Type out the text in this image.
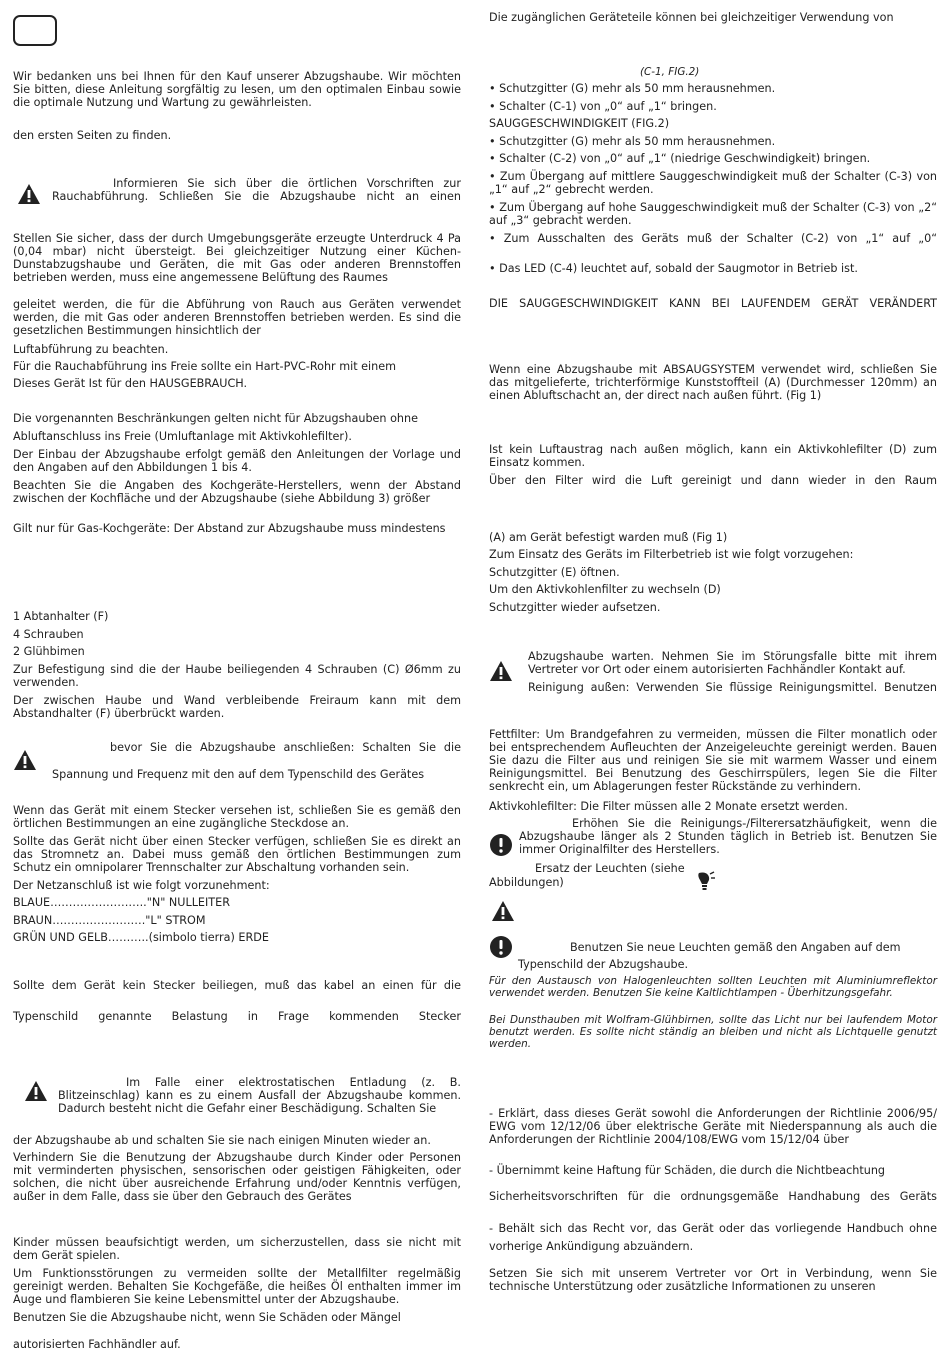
Wir bedanken uns bei Ihnen für den Kauf unserer Abzugshaube. Wir möchten Sie bitten, diese Anleitung sorgfältig zu lesen, um den optimalen Einbau sowie die optimale Nutzung und Wartung zu gewährleisten.

den ersten Seiten zu finden.

Informieren Sie sich über die örtlichen Vorschriften zur

Rauchabführung. Schließen Sie die Abzugshaube nicht an einen

Stellen Sie sicher, dass der durch Umgebungsgeräte erzeugte Unterdruck 4 Pa (0,04 mbar) nicht übersteigt. Bei gleichzeitiger Nutzung einer Küchen-Dunstabzugshaube und Geräten, die mit Gas oder anderen Brennstoffen betrieben werden, muss eine angemessene Belüftung des Raumes

geleitet werden, die für die Abführung von Rauch aus Geräten verwendet werden, die mit Gas oder anderen Brennstoffen betrieben werden. Es sind die gesetzlichen Bestimmungen hinsichtlich der

Luftabführung zu beachten.

Für die Rauchabführung ins Freie sollte ein Hart-PVC-Rohr mit einem

Dieses Gerät Ist für den HAUSGEBRAUCH.

Die vorgenannten Beschränkungen gelten nicht für Abzugshauben ohne

Abluftanschluss ins Freie (Umluftanlage mit Aktivkohlefilter).

Der Einbau der Abzugshaube erfolgt gemäß den Anleitungen der Vorlage und den Angaben auf den Abbildungen 1 bis 4.

Beachten Sie die Angaben des Kochgeräte-Herstellers, wenn der Abstand zwischen der Kochfläche und der Abzugshaube (siehe Abbildung 3) größer

Gilt nur für Gas-Kochgeräte: Der Abstand zur Abzugshaube muss mindestens

1 Abtanhalter (F)

4 Schrauben

2 Glühbimen

Zur Befestigung sind die der Haube beiliegenden 4 Schrauben (C) Ø6mm zu verwenden.

Der zwischen Haube und Wand verbleibende Freiraum kann mit dem Abstandhalter (F) überbrückt warden.

bevor Sie die Abzugshaube anschließen: Schalten Sie die

Spannung und Frequenz mit den auf dem Typenschild des Gerätes

Wenn das Gerät mit einem Stecker versehen ist, schließen Sie es gemäß den örtlichen Bestimmungen an eine zugängliche Steckdose an.

Sollte das Gerät nicht über einen Stecker verfügen, schließen Sie es direkt an das Stromnetz an. Dabei muss gemäß den örtlichen Bestimmungen zum Schutz ein omnipolarer Trennschalter zur Abschaltung vorhanden sein.

Der Netzanschluß ist wie folgt vorzunehment:

BLAUE…………………….."N" NULLEITER

BRAUN……………………."L" STROM

GRÜN UND GELB………..(simbolo tierra) ERDE

Sollte dem Gerät kein Stecker beiliegen, muß das kabel an einen für die

Typenschild genannte Belastung in Frage kommenden Stecker

Im Falle einer elektrostatischen Entladung (z. B.

Blitzeinschlag) kann es zu einem Ausfall der Abzugshaube kommen. Dadurch besteht nicht die Gefahr einer Beschädigung. Schalten Sie

der Abzugshaube ab und schalten Sie sie nach einigen Minuten wieder an.

Verhindern Sie die Benutzung der Abzugshaube durch Kinder oder Personen mit verminderten physischen, sensorischen oder geistigen Fähigkeiten, oder solchen, die nicht über ausreichende Erfahrung und/oder Kenntnis verfügen, außer in dem Falle, dass sie über den Gebrauch des Gerätes

Kinder müssen beaufsichtigt werden, um sicherzustellen, dass sie nicht mit dem Gerät spielen.

Um Funktionsstörungen zu vermeiden sollte der Metallfilter regelmäßig gereinigt werden. Behalten Sie Kochgefäße, die heißes Öl enthalten immer im Auge und flambieren Sie keine Lebensmittel unter der Abzugshaube.

Benutzen Sie die Abzugshaube nicht, wenn Sie Schäden oder Mängel

autorisierten Fachhändler auf.

Die zugänglichen Geräteteile können bei gleichzeitiger Verwendung von

(C-1, FIG.2)

• Schutzgitter (G) mehr als 50 mm herausnehmen.

• Schalter (C-1) von „0“ auf „1“ bringen.

SAUGGESCHWINDIGKEIT (FIG.2)

• Schutzgitter (G) mehr als 50 mm herausnehmen.

• Schalter (C-2) von „0“ auf „1“ (niedrige Geschwindigkeit) bringen.

• Zum Übergang auf mittlere Sauggeschwindigkeit muß der Schalter (C-3) von „1“ auf „2“ gebrecht werden.

• Zum Übergang auf hohe Sauggeschwindigkeit muß der Schalter (C-3) von „2“ auf „3“ gebracht werden.

• Zum Ausschalten des Geräts muß der Schalter (C-2) von „1“ auf „0“

• Das LED (C-4) leuchtet auf, sobald der Saugmotor in Betrieb ist.

DIE SAUGGESCHWINDIGKEIT KANN BEI LAUFENDEM GERÄT VERÄNDERT

Wenn eine Abzugshaube mit ABSAUGSYSTEM verwendet wird, schließen Sie das mitgelieferte, trichterförmige Kunststoffteil (A) (Durchmesser 120mm) an einen Abluftschacht an, der direct nach außen führt. (Fig 1)

Ist kein Luftaustrag nach außen möglich, kann ein Aktivkohlefilter (D) zum Einsatz kommen.

Über den Filter wird die Luft gereinigt und dann wieder in den Raum

(A) am Gerät befestigt warden muß (Fig 1)

Zum Einsatz des Geräts im Filterbetrieb ist wie folgt vorzugehen:

Schutzgitter (E) öftnen.

Um den Aktivkohlenfilter zu wechseln (D)

Schutzgitter wieder aufsetzen.

Abzugshaube warten. Nehmen Sie im Störungsfalle bitte mit ihrem Vertreter vor Ort oder einem autorisierten Fachhändler Kontakt auf.

Reinigung außen: Verwenden Sie flüssige Reinigungsmittel. Benutzen

Fettfilter: Um Brandgefahren zu vermeiden, müssen die Filter monatlich oder bei entsprechendem Aufleuchten der Anzeigeleuchte gereinigt werden. Bauen Sie dazu die Filter aus und reinigen Sie sie mit warmem Wasser und einem Reinigungsmittel. Bei Benutzung des Geschirrspülers, legen Sie die Filter senkrecht ein, um Ablagerungen fester Rückstände zu verhindern.

Aktivkohlefilter: Die Filter müssen alle 2 Monate ersetzt werden.

Erhöhen Sie die Reinigungs-/Filterersatzhäufigkeit, wenn die

Abzugshaube länger als 2 Stunden täglich in Betrieb ist. Benutzen Sie immer Originalfilter des Herstellers.

Ersatz der Leuchten (siehe

Abbildungen)

Benutzen Sie neue Leuchten gemäß den Angaben auf dem

Typenschild der Abzugshaube.

Für den Austausch von Halogenleuchten sollten Leuchten mit Aluminiumreflektor verwendet werden. Benutzen Sie keine Kaltlichtlampen - Überhitzungsgefahr.

Bei Dunsthauben mit Wolfram-Glühbirnen, sollte das Licht nur bei laufendem Motor benutzt werden. Es sollte nicht ständig an bleiben und nicht als Lichtquelle genutzt werden.

- Erklärt, dass dieses Gerät sowohl die Anforderungen der Richtlinie 2006/95/ EWG vom 12/12/06 über elektrische Geräte mit Niederspannung als auch die Anforderungen der Richtlinie 2004/108/EWG vom 15/12/04 über

- Übernimmt keine Haftung für Schäden, die durch die Nichtbeachtung

Sicherheitsvorschriften für die ordnungsgemäße Handhabung des Geräts

- Behält sich das Recht vor, das Gerät oder das vorliegende Handbuch ohne

vorherige Ankündigung abzuändern.

Setzen Sie sich mit unserem Vertreter vor Ort in Verbindung, wenn Sie technische Unterstützung oder zusätzliche Informationen zu unseren
